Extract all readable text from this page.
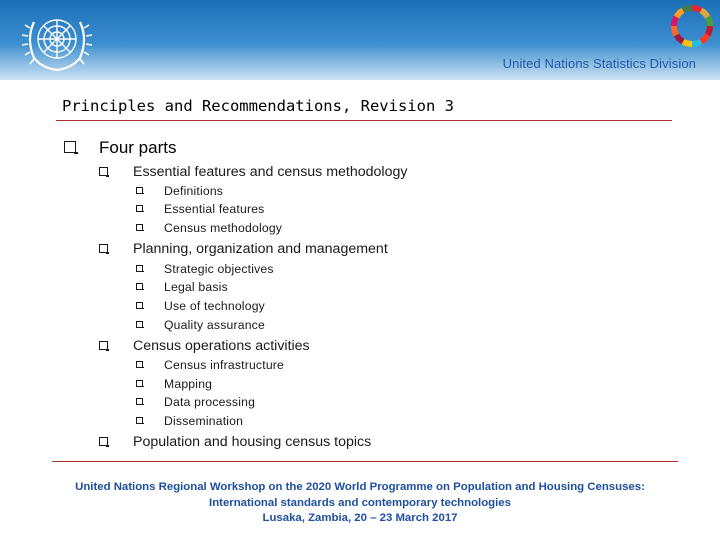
United Nations Statistics Division
Principles and Recommendations, Revision 3
Four parts
Essential features and census methodology
Definitions
Essential features
Census methodology
Planning, organization and management
Strategic objectives
Legal basis
Use of technology
Quality assurance
Census operations activities
Census infrastructure
Mapping
Data processing
Dissemination
Population and housing census topics
United Nations Regional Workshop on the 2020 World Programme on Population and Housing Censuses:
International standards and contemporary technologies
Lusaka, Zambia, 20 – 23 March 2017
